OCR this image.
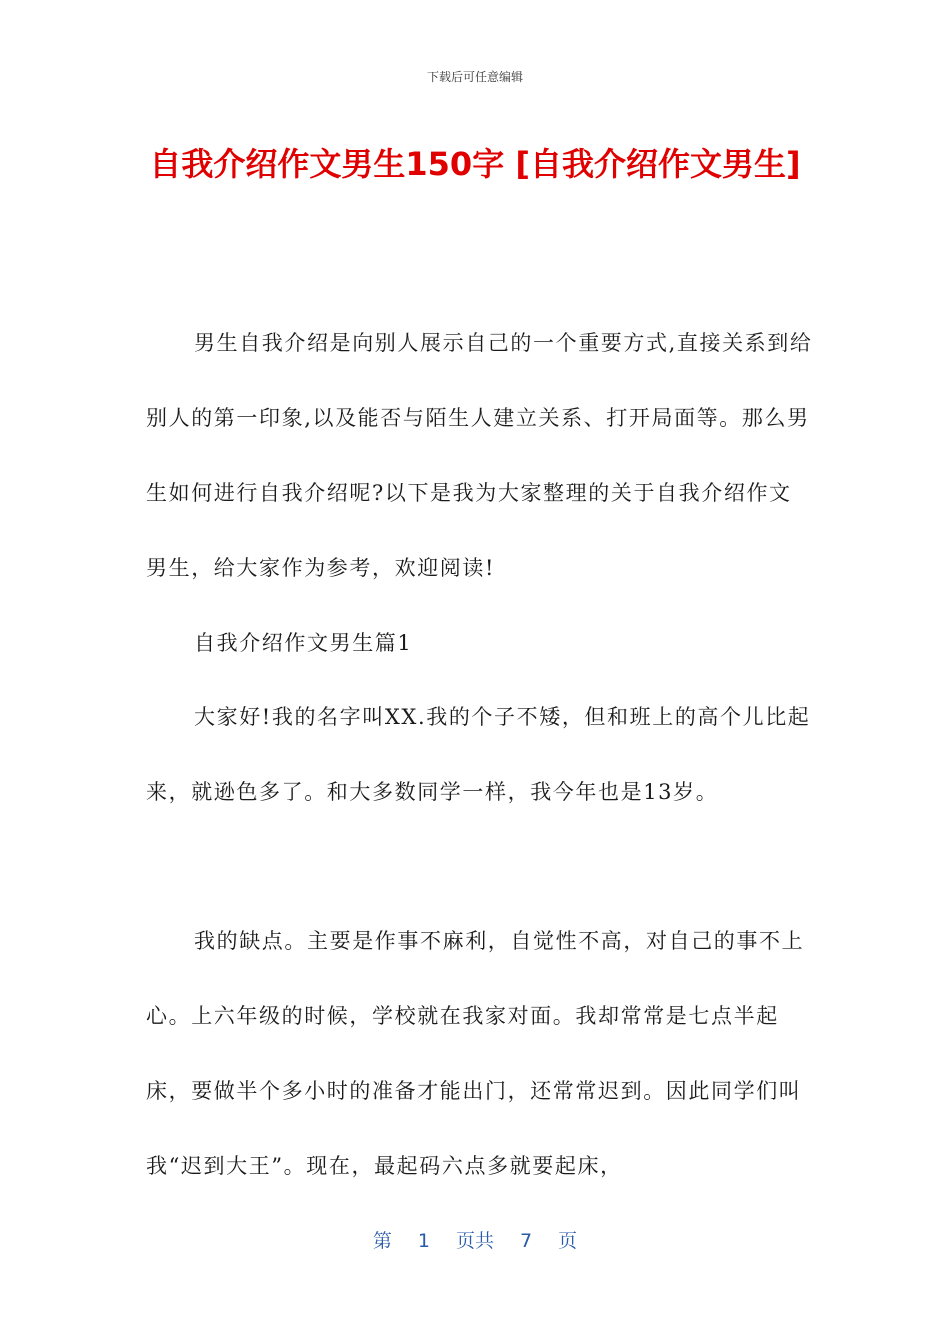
下载后可任意编辑
自我介绍作文男生150字 [自我介绍作文男生]

男生自我介绍是向别人展示自己的一个重要方式,直接关系到给别人的第一印象,以及能否与陌生人建立关系、打开局面等。那么男生如何进行自我介绍呢?以下是我为大家整理的关于自我介绍作文男生，给大家作为参考，欢迎阅读!

自我介绍作文男生篇1

大家好!我的名字叫XX.我的个子不矮，但和班上的高个儿比起来，就逊色多了。和大多数同学一样，我今年也是13岁。

我的缺点。主要是作事不麻利，自觉性不高，对自己的事不上心。上六年级的时候，学校就在我家对面。我却常常是七点半起床，要做半个多小时的准备才能出门，还常常迟到。因此同学们叫我“迟到大王”。现在，最起码六点多就要起床，

第 1 页共 7 页
